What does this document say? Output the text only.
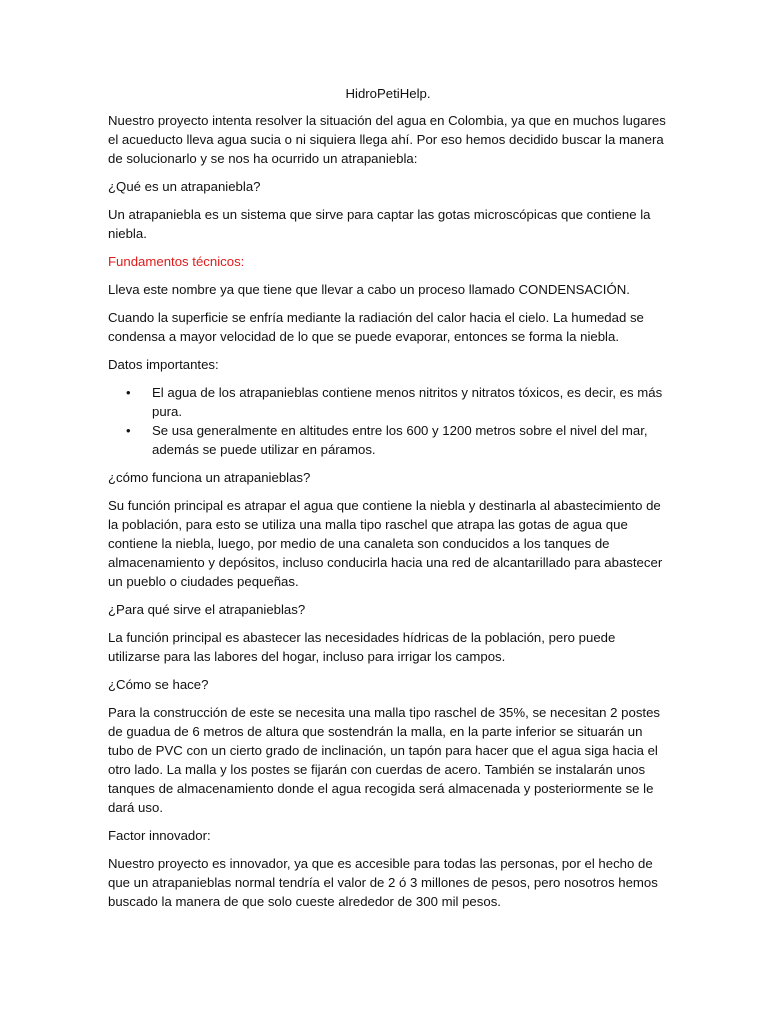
HidroPetiHelp.

Nuestro proyecto intenta resolver la situación del agua en Colombia, ya que en muchos lugares el acueducto lleva agua sucia o ni siquiera llega ahí. Por eso hemos decidido buscar la manera de solucionarlo y se nos ha ocurrido un atrapaniebla:

¿Qué es un atrapaniebla?

Un atrapaniebla es un sistema que sirve para captar las gotas microscópicas que contiene la niebla.

Fundamentos técnicos:

Lleva este nombre ya que tiene que llevar a cabo un proceso llamado CONDENSACIÓN.

Cuando la superficie se enfría mediante la radiación del calor hacia el cielo. La humedad se condensa a mayor velocidad de lo que se puede evaporar, entonces se forma la niebla.

Datos importantes:

• El agua de los atrapanieblas contiene menos nitritos y nitratos tóxicos, es decir, es más pura.
• Se usa generalmente en altitudes entre los 600 y 1200 metros sobre el nivel del mar, además se puede utilizar en páramos.

¿cómo funciona un atrapanieblas?

Su función principal es atrapar el agua que contiene la niebla y destinarla al abastecimiento de la población, para esto se utiliza una malla tipo raschel que atrapa las gotas de agua que contiene la niebla, luego, por medio de una canaleta son conducidos a los tanques de almacenamiento y depósitos, incluso conducirla hacia una red de alcantarillado para abastecer un pueblo o ciudades pequeñas.

¿Para qué sirve el atrapanieblas?

La función principal es abastecer las necesidades hídricas de la población, pero puede utilizarse para las labores del hogar, incluso para irrigar los campos.

¿Cómo se hace?

Para la construcción de este se necesita una malla tipo raschel de 35%, se necesitan 2 postes de guadua de 6 metros de altura que sostendrán la malla, en la parte inferior se situarán un tubo de PVC con un cierto grado de inclinación, un tapón para hacer que el agua siga hacia el otro lado. La malla y los postes se fijarán con cuerdas de acero. También se instalarán unos tanques de almacenamiento donde el agua recogida será almacenada y posteriormente se le dará uso.

Factor innovador:

Nuestro proyecto es innovador, ya que es accesible para todas las personas, por el hecho de que un atrapanieblas normal tendría el valor de 2 ó 3 millones de pesos, pero nosotros hemos buscado la manera de que solo cueste alrededor de 300 mil pesos.
